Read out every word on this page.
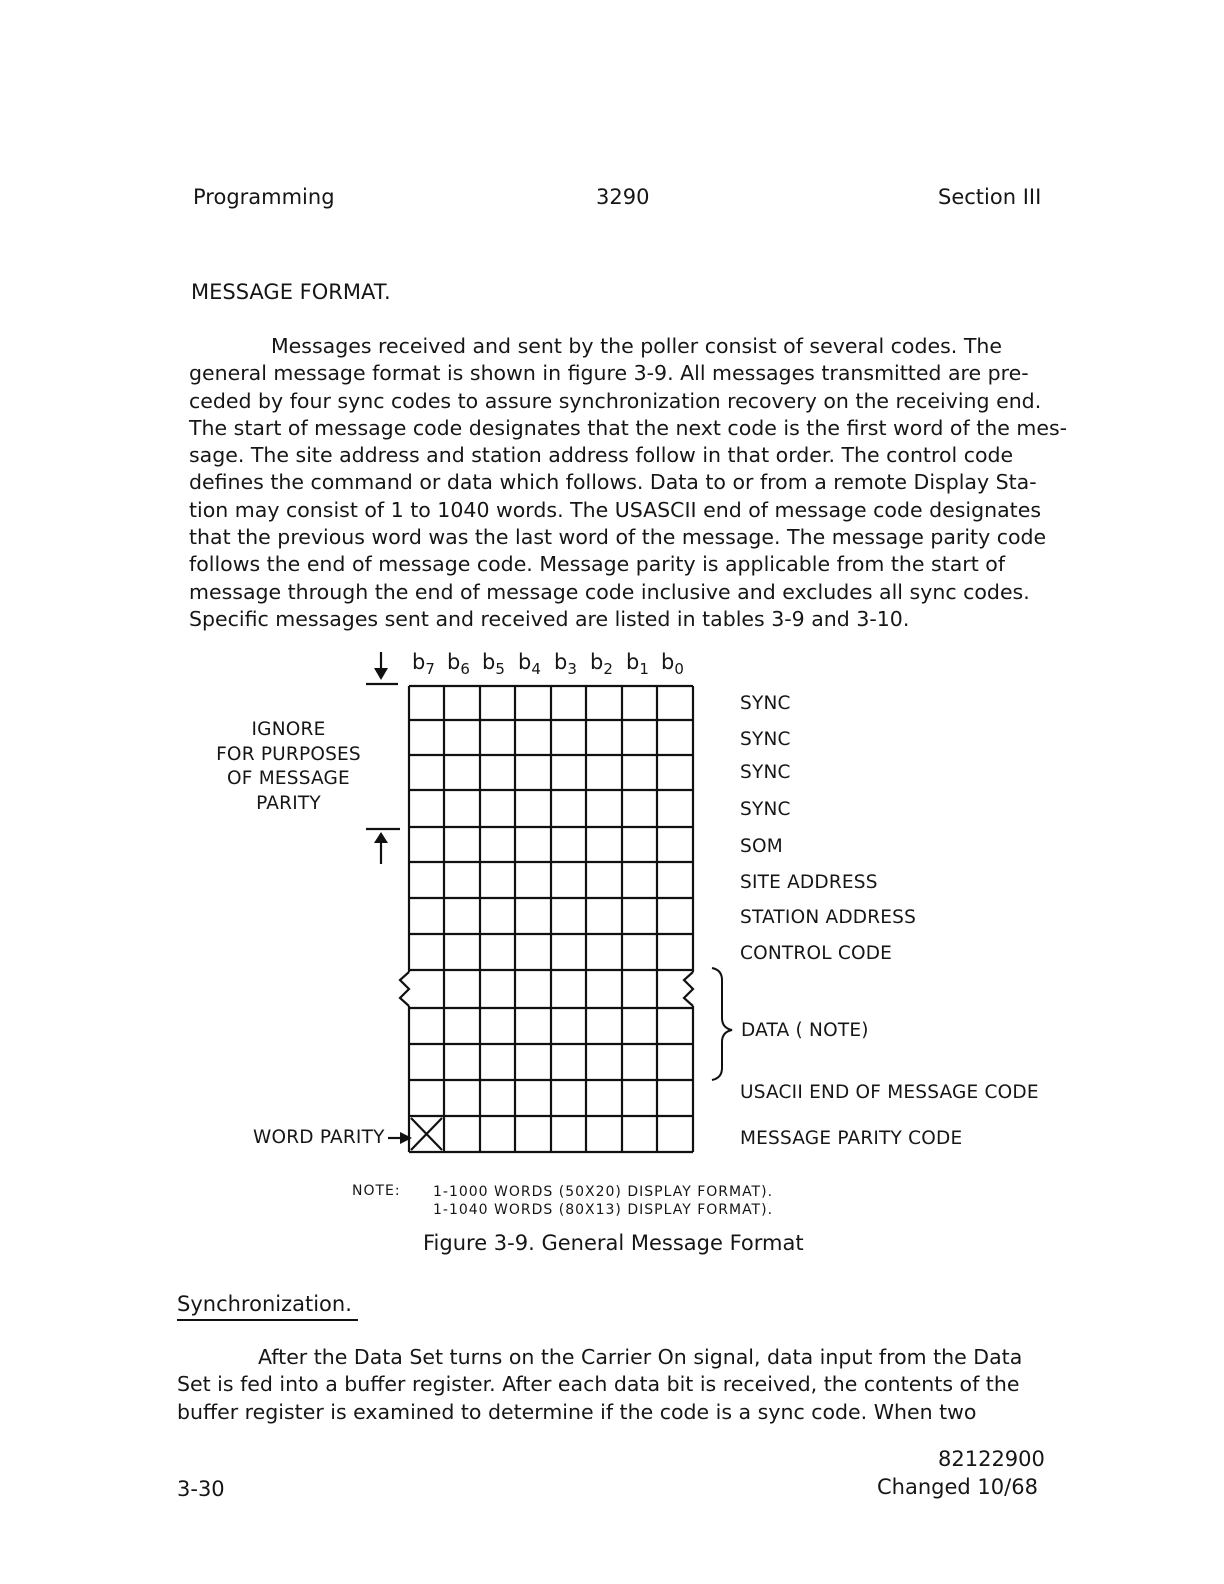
Programming	3290	Section III
MESSAGE FORMAT.
Messages received and sent by the poller consist of several codes. The
general message format is shown in figure 3-9. All messages transmitted are pre-
ceded by four sync codes to assure synchronization recovery on the receiving end.
The start of message code designates that the next code is the first word of the mes-
sage. The site address and station address follow in that order. The control code
defines the command or data which follows. Data to or from a remote Display Sta-
tion may consist of 1 to 1040 words. The USASCII end of message code designates
that the previous word was the last word of the message. The message parity code
follows the end of message code. Message parity is applicable from the start of
message through the end of message code inclusive and excludes all sync codes.
Specific messages sent and received are listed in tables 3-9 and 3-10.
$b_7$ $b_6$ $b_5$ $b_4$ $b_3$ $b_2$ $b_1$ $b_0$
IGNORE
FOR PURPOSES
OF MESSAGE
PARITY
SYNC
SYNC
SYNC
SYNC
SOM
SITE ADDRESS
STATION ADDRESS
CONTROL CODE
DATA ( NOTE)
USACII END OF MESSAGE CODE
MESSAGE PARITY CODE
WORD PARITY
NOTE: 1-1000 WORDS (50X20) DISPLAY FORMAT).
1-1040 WORDS (80X13) DISPLAY FORMAT).
Figure 3-9. General Message Format
Synchronization.
After the Data Set turns on the Carrier On signal, data input from the Data
Set is fed into a buffer register. After each data bit is received, the contents of the
buffer register is examined to determine if the code is a sync code. When two
82122900
Changed 10/68
3-30
